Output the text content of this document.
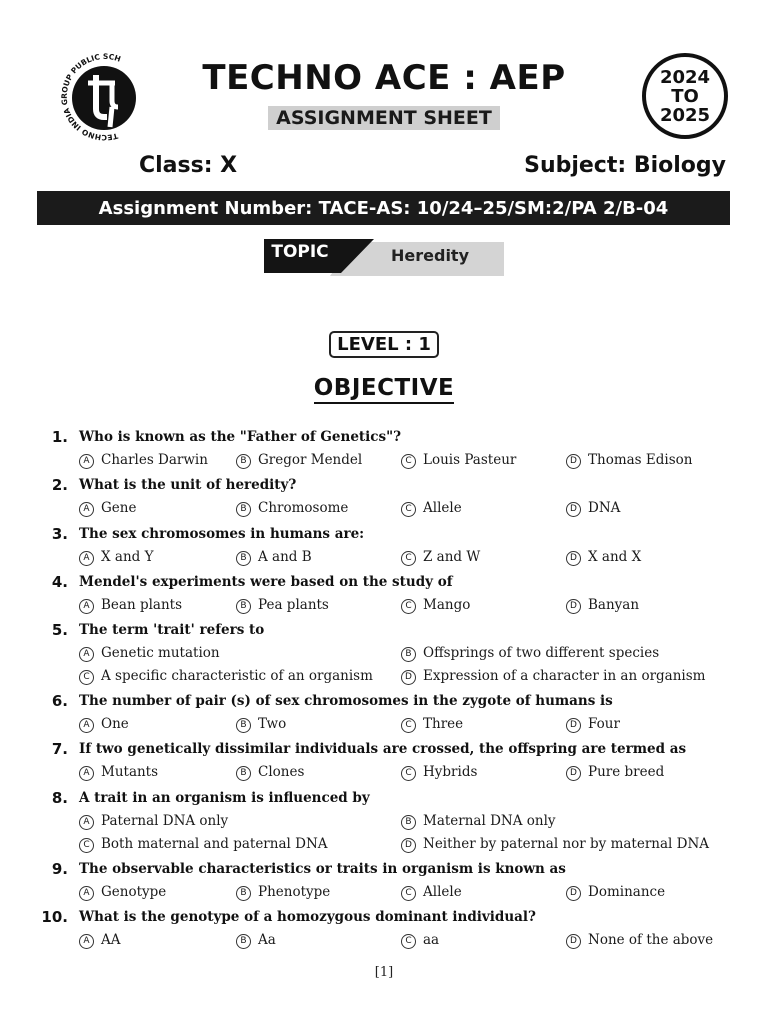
TECHNO INDIA GROUP PUBLIC SCH	TECHNO ACE : AEP
ASSIGNMENT SHEET
2024
TO
2025
Class: X	Subject: Biology
Assignment Number: TACE-AS: 10/24–25/SM:2/PA 2/B-04
TOPIC	Heredity
LEVEL : 1
OBJECTIVE
1. Who is known as the "Father of Genetics"?
A Charles Darwin	B Gregor Mendel	C Louis Pasteur	D Thomas Edison
2. What is the unit of heredity?
A Gene	B Chromosome	C Allele	D DNA
3. The sex chromosomes in humans are:
A X and Y	B A and B	C Z and W	D X and X
4. Mendel's experiments were based on the study of
A Bean plants	B Pea plants	C Mango	D Banyan
5. The term 'trait' refers to
A Genetic mutation	B Offsprings of two different species
C A specific characteristic of an organism	D Expression of a character in an organism
6. The number of pair (s) of sex chromosomes in the zygote of humans is
A One	B Two	C Three	D Four
7. If two genetically dissimilar individuals are crossed, the offspring are termed as
A Mutants	B Clones	C Hybrids	D Pure breed
8. A trait in an organism is influenced by
A Paternal DNA only	B Maternal DNA only
C Both maternal and paternal DNA	D Neither by paternal nor by maternal DNA
9. The observable characteristics or traits in organism is known as
A Genotype	B Phenotype	C Allele	D Dominance
10. What is the genotype of a homozygous dominant individual?
A AA	B Aa	C aa	D None of the above
[1]
